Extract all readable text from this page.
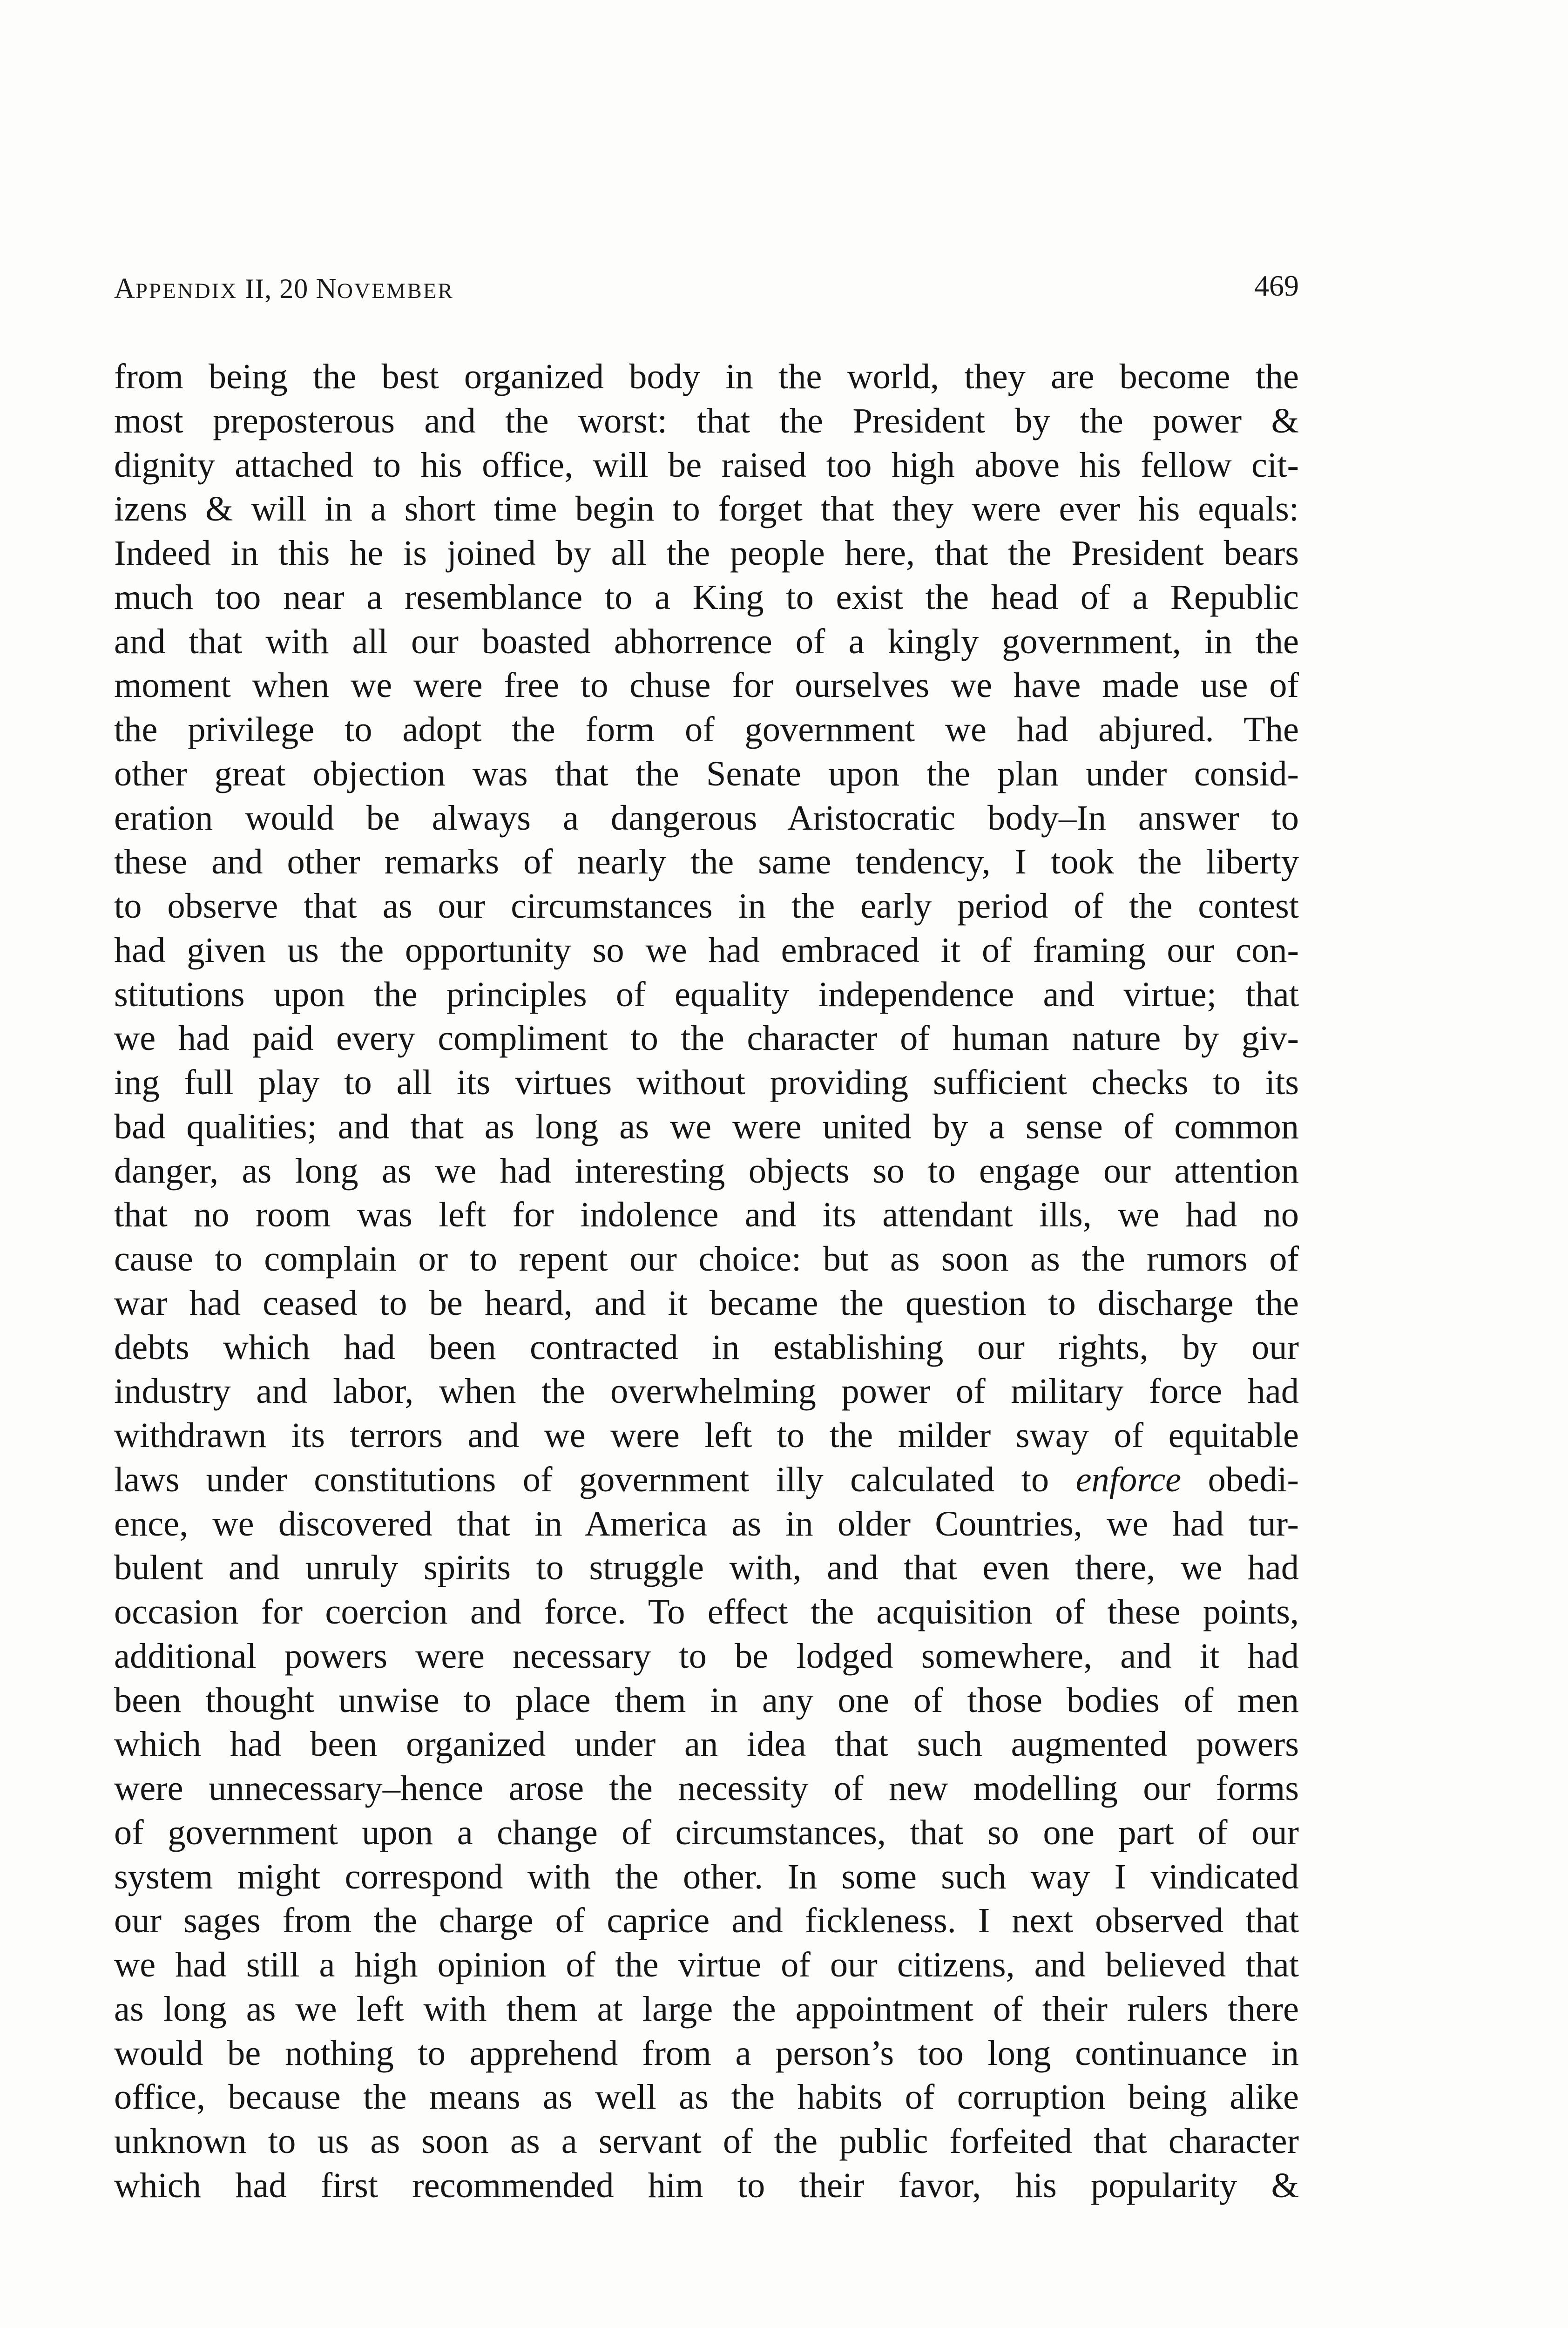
APPENDIX II, 20 NOVEMBER	469
from being the best organized body in the world, they are become the
most preposterous and the worst: that the President by the power &
dignity attached to his office, will be raised too high above his fellow cit-
izens & will in a short time begin to forget that they were ever his equals:
Indeed in this he is joined by all the people here, that the President bears
much too near a resemblance to a King to exist the head of a Republic
and that with all our boasted abhorrence of a kingly government, in the
moment when we were free to chuse for ourselves we have made use of
the privilege to adopt the form of government we had abjured. The
other great objection was that the Senate upon the plan under consid-
eration would be always a dangerous Aristocratic body–In answer to
these and other remarks of nearly the same tendency, I took the liberty
to observe that as our circumstances in the early period of the contest
had given us the opportunity so we had embraced it of framing our con-
stitutions upon the principles of equality independence and virtue; that
we had paid every compliment to the character of human nature by giv-
ing full play to all its virtues without providing sufficient checks to its
bad qualities; and that as long as we were united by a sense of common
danger, as long as we had interesting objects so to engage our attention
that no room was left for indolence and its attendant ills, we had no
cause to complain or to repent our choice: but as soon as the rumors of
war had ceased to be heard, and it became the question to discharge the
debts which had been contracted in establishing our rights, by our
industry and labor, when the overwhelming power of military force had
withdrawn its terrors and we were left to the milder sway of equitable
laws under constitutions of government illy calculated to enforce obedi-
ence, we discovered that in America as in older Countries, we had tur-
bulent and unruly spirits to struggle with, and that even there, we had
occasion for coercion and force. To effect the acquisition of these points,
additional powers were necessary to be lodged somewhere, and it had
been thought unwise to place them in any one of those bodies of men
which had been organized under an idea that such augmented powers
were unnecessary–hence arose the necessity of new modelling our forms
of government upon a change of circumstances, that so one part of our
system might correspond with the other. In some such way I vindicated
our sages from the charge of caprice and fickleness. I next observed that
we had still a high opinion of the virtue of our citizens, and believed that
as long as we left with them at large the appointment of their rulers there
would be nothing to apprehend from a person’s too long continuance in
office, because the means as well as the habits of corruption being alike
unknown to us as soon as a servant of the public forfeited that character
which had first recommended him to their favor, his popularity &
